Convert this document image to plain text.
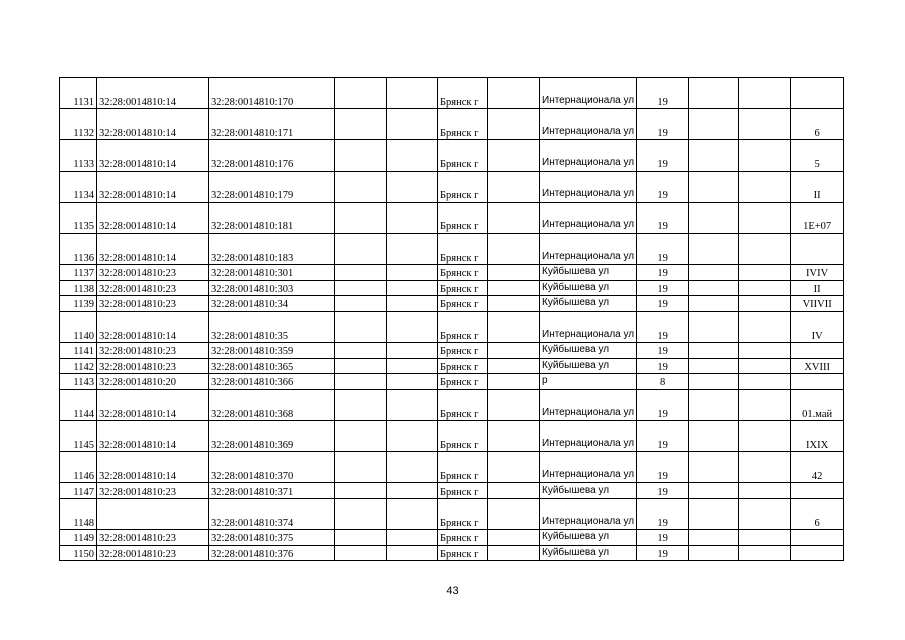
1131	32:28:0014810:14	32:28:0014810:170			Брянск г		Интернационала ул	19			
1132	32:28:0014810:14	32:28:0014810:171			Брянск г		Интернационала ул	19			6
1133	32:28:0014810:14	32:28:0014810:176			Брянск г		Интернационала ул	19			5
1134	32:28:0014810:14	32:28:0014810:179			Брянск г		Интернационала ул	19			II
1135	32:28:0014810:14	32:28:0014810:181			Брянск г		Интернационала ул	19			1E+07
1136	32:28:0014810:14	32:28:0014810:183			Брянск г		Интернационала ул	19			
1137	32:28:0014810:23	32:28:0014810:301			Брянск г		Куйбышева ул	19			IVIV
1138	32:28:0014810:23	32:28:0014810:303			Брянск г		Куйбышева ул	19			II
1139	32:28:0014810:23	32:28:0014810:34			Брянск г		Куйбышева ул	19			VIIVII
1140	32:28:0014810:14	32:28:0014810:35			Брянск г		Интернационала ул	19			IV
1141	32:28:0014810:23	32:28:0014810:359			Брянск г		Куйбышева ул	19			
1142	32:28:0014810:23	32:28:0014810:365			Брянск г		Куйбышева ул	19			XVIII
1143	32:28:0014810:20	32:28:0014810:366			Брянск г		р	8			
1144	32:28:0014810:14	32:28:0014810:368			Брянск г		Интернационала ул	19			01.май
1145	32:28:0014810:14	32:28:0014810:369			Брянск г		Интернационала ул	19			IXIX
1146	32:28:0014810:14	32:28:0014810:370			Брянск г		Интернационала ул	19			42
1147	32:28:0014810:23	32:28:0014810:371			Брянск г		Куйбышева ул	19			
1148		32:28:0014810:374			Брянск г		Интернационала ул	19			6
1149	32:28:0014810:23	32:28:0014810:375			Брянск г		Куйбышева ул	19			
1150	32:28:0014810:23	32:28:0014810:376			Брянск г		Куйбышева ул	19			
43
